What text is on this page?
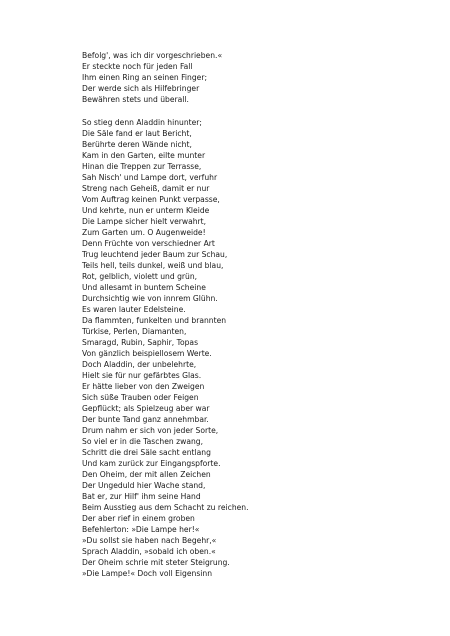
Befolg', was ich dir vorgeschrieben.«
Er steckte noch für jeden Fall
Ihm einen Ring an seinen Finger;
Der werde sich als Hilfebringer
Bewähren stets und überall.
So stieg denn Aladdin hinunter;
Die Säle fand er laut Bericht,
Berührte deren Wände nicht,
Kam in den Garten, eilte munter
Hinan die Treppen zur Terrasse,
Sah Nisch' und Lampe dort, verfuhr
Streng nach Geheiß, damit er nur
Vom Auftrag keinen Punkt verpasse,
Und kehrte, nun er unterm Kleide
Die Lampe sicher hielt verwahrt,
Zum Garten um. O Augenweide!
Denn Früchte von verschiedner Art
Trug leuchtend jeder Baum zur Schau,
Teils hell, teils dunkel, weiß und blau,
Rot, gelblich, violett und grün,
Und allesamt in buntem Scheine
Durchsichtig wie von innrem Glühn.
Es waren lauter Edelsteine.
Da flammten, funkelten und brannten
Türkise, Perlen, Diamanten,
Smaragd, Rubin, Saphir, Topas
Von gänzlich beispiellosem Werte.
Doch Aladdin, der unbelehrte,
Hielt sie für nur gefärbtes Glas.
Er hätte lieber von den Zweigen
Sich süße Trauben oder Feigen
Gepflückt; als Spielzeug aber war
Der bunte Tand ganz annehmbar.
Drum nahm er sich von jeder Sorte,
So viel er in die Taschen zwang,
Schritt die drei Säle sacht entlang
Und kam zurück zur Eingangspforte.
Den Oheim, der mit allen Zeichen
Der Ungeduld hier Wache stand,
Bat er, zur Hilf' ihm seine Hand
Beim Ausstieg aus dem Schacht zu reichen.
Der aber rief in einem groben
Befehlerton: »Die Lampe her!«
»Du sollst sie haben nach Begehr,«
Sprach Aladdin, »sobald ich oben.«
Der Oheim schrie mit steter Steigrung.
»Die Lampe!« Doch voll Eigensinn
